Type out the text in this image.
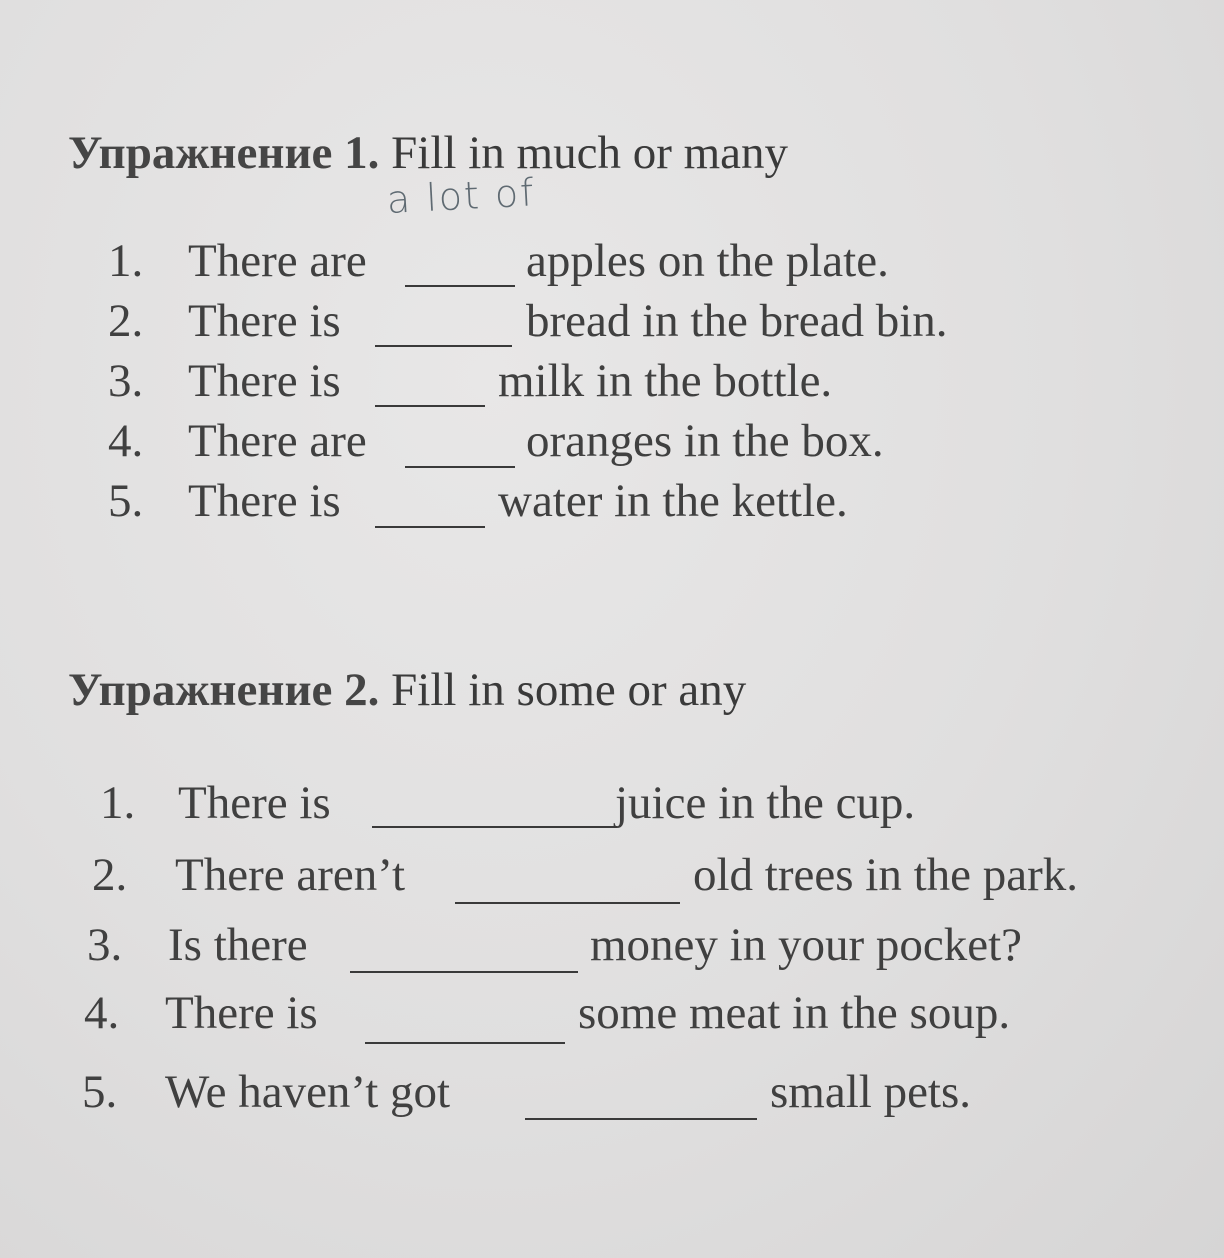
Упражнение 1. Fill in much or many
a lot of
1. There are	apples on the plate.
2. There is	bread in the bread bin.
3. There is	milk in the bottle.
4. There are	oranges in the box.
5. There is	water in the kettle.
Упражнение 2. Fill in some or any
1. There is	juice in the cup.
2. There aren’t	old trees in the park.
3. Is there	money in your pocket?
4. There is	some meat in the soup.
5. We haven’t got	small pets.
